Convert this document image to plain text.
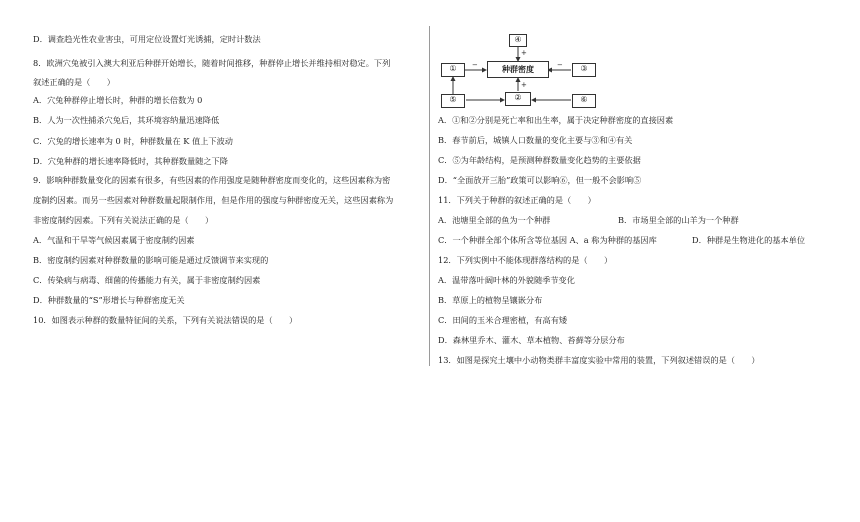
D．调查趋光性农业害虫，可用定位设置灯光诱捕，定时计数法
8．欧洲穴兔被引入澳大利亚后种群开始增长，随着时间推移，种群停止增长并维持相对稳定。下列
叙述正确的是（　　）
A．穴兔种群停止增长时，种群的增长倍数为 0
B．人为一次性捕杀穴兔后，其环境容纳量迅速降低
C．穴兔的增长速率为 0 时，种群数量在 K 值上下波动
D．穴兔种群的增长速率降低时，其种群数量随之下降
9．影响种群数量变化的因素有很多，有些因素的作用强度是随种群密度而变化的，这些因素称为密
度制约因素。而另一些因素对种群数量起限制作用，但是作用的强度与种群密度无关，这些因素称为
非密度制约因素。下列有关说法正确的是（　　）
A．气温和干旱等气候因素属于密度制约因素
B．密度制约因素对种群数量的影响可能是通过反馈调节来实现的
C．传染病与病毒、细菌的传播能力有关，属于非密度制约因素
D．种群数量的“S”形增长与种群密度无关
10．如图表示种群的数量特征间的关系，下列有关说法错误的是（　　）
④
①	种群密度	③
⑤	②	⑥
+
−	−
+
A．①和②分别是死亡率和出生率，属于决定种群密度的直接因素
B．春节前后，城镇人口数量的变化主要与③和④有关
C．⑤为年龄结构，是预测种群数量变化趋势的主要依据
D．“全面放开三胎”政策可以影响⑥，但一般不会影响⑤
11．下列关于种群的叙述正确的是（　　）
A．池塘里全部的鱼为一个种群	B．市场里全部的山羊为一个种群
C．一个种群全部个体所含等位基因 A、a 称为种群的基因库	D．种群是生物进化的基本单位
12．下列实例中不能体现群落结构的是（　　）
A．温带落叶阔叶林的外貌随季节变化
B．草原上的植物呈镶嵌分布
C．田间的玉米合理密植，有高有矮
D．森林里乔木、灌木、草本植物、苔藓等分层分布
13．如图是探究土壤中小动物类群丰富度实验中常用的装置，下列叙述错误的是（　　）
